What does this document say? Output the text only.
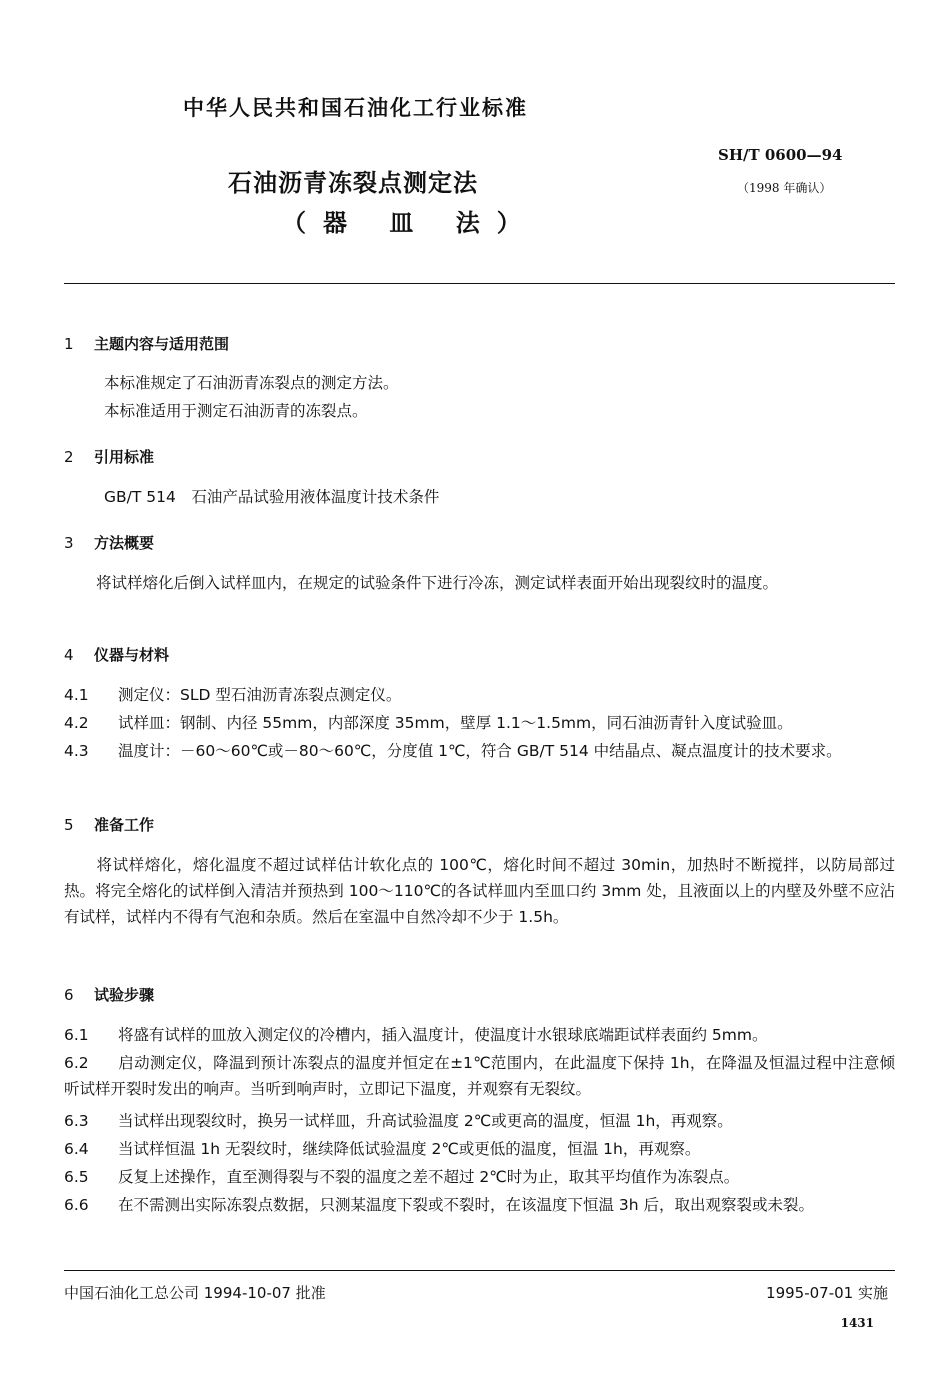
中华人民共和国石油化工行业标准
SH/T 0600—94
（1998 年确认）
石油沥青冻裂点测定法
（器 皿 法）
1 主题内容与适用范围
本标准规定了石油沥青冻裂点的测定方法。
本标准适用于测定石油沥青的冻裂点。
2 引用标准
GB/T 514　石油产品试验用液体温度计技术条件
3 方法概要
将试样熔化后倒入试样皿内，在规定的试验条件下进行冷冻，测定试样表面开始出现裂纹时的温度。
4 仪器与材料
4.1 测定仪：SLD 型石油沥青冻裂点测定仪。
4.2 试样皿：钢制、内径 55mm，内部深度 35mm，壁厚 1.1～1.5mm，同石油沥青针入度试验皿。
4.3 温度计：－60～60℃或－80～60℃，分度值 1℃，符合 GB/T 514 中结晶点、凝点温度计的技术要求。
5 准备工作
将试样熔化，熔化温度不超过试样估计软化点的 100℃，熔化时间不超过 30min，加热时不断搅拌，以防局部过热。将完全熔化的试样倒入清洁并预热到 100～110℃的各试样皿内至皿口约 3mm 处，且液面以上的内壁及外壁不应沾有试样，试样内不得有气泡和杂质。然后在室温中自然冷却不少于 1.5h。
6 试验步骤
6.1 将盛有试样的皿放入测定仪的冷槽内，插入温度计，使温度计水银球底端距试样表面约 5mm。
6.2 启动测定仪，降温到预计冻裂点的温度并恒定在±1℃范围内，在此温度下保持 1h，在降温及恒温过程中注意倾听试样开裂时发出的响声。当听到响声时，立即记下温度，并观察有无裂纹。
6.3 当试样出现裂纹时，换另一试样皿，升高试验温度 2℃或更高的温度，恒温 1h，再观察。
6.4 当试样恒温 1h 无裂纹时，继续降低试验温度 2℃或更低的温度，恒温 1h，再观察。
6.5 反复上述操作，直至测得裂与不裂的温度之差不超过 2℃时为止，取其平均值作为冻裂点。
6.6 在不需测出实际冻裂点数据，只测某温度下裂或不裂时，在该温度下恒温 3h 后，取出观察裂或未裂。
中国石油化工总公司 1994-10-07 批准	1995-07-01 实施
1431
